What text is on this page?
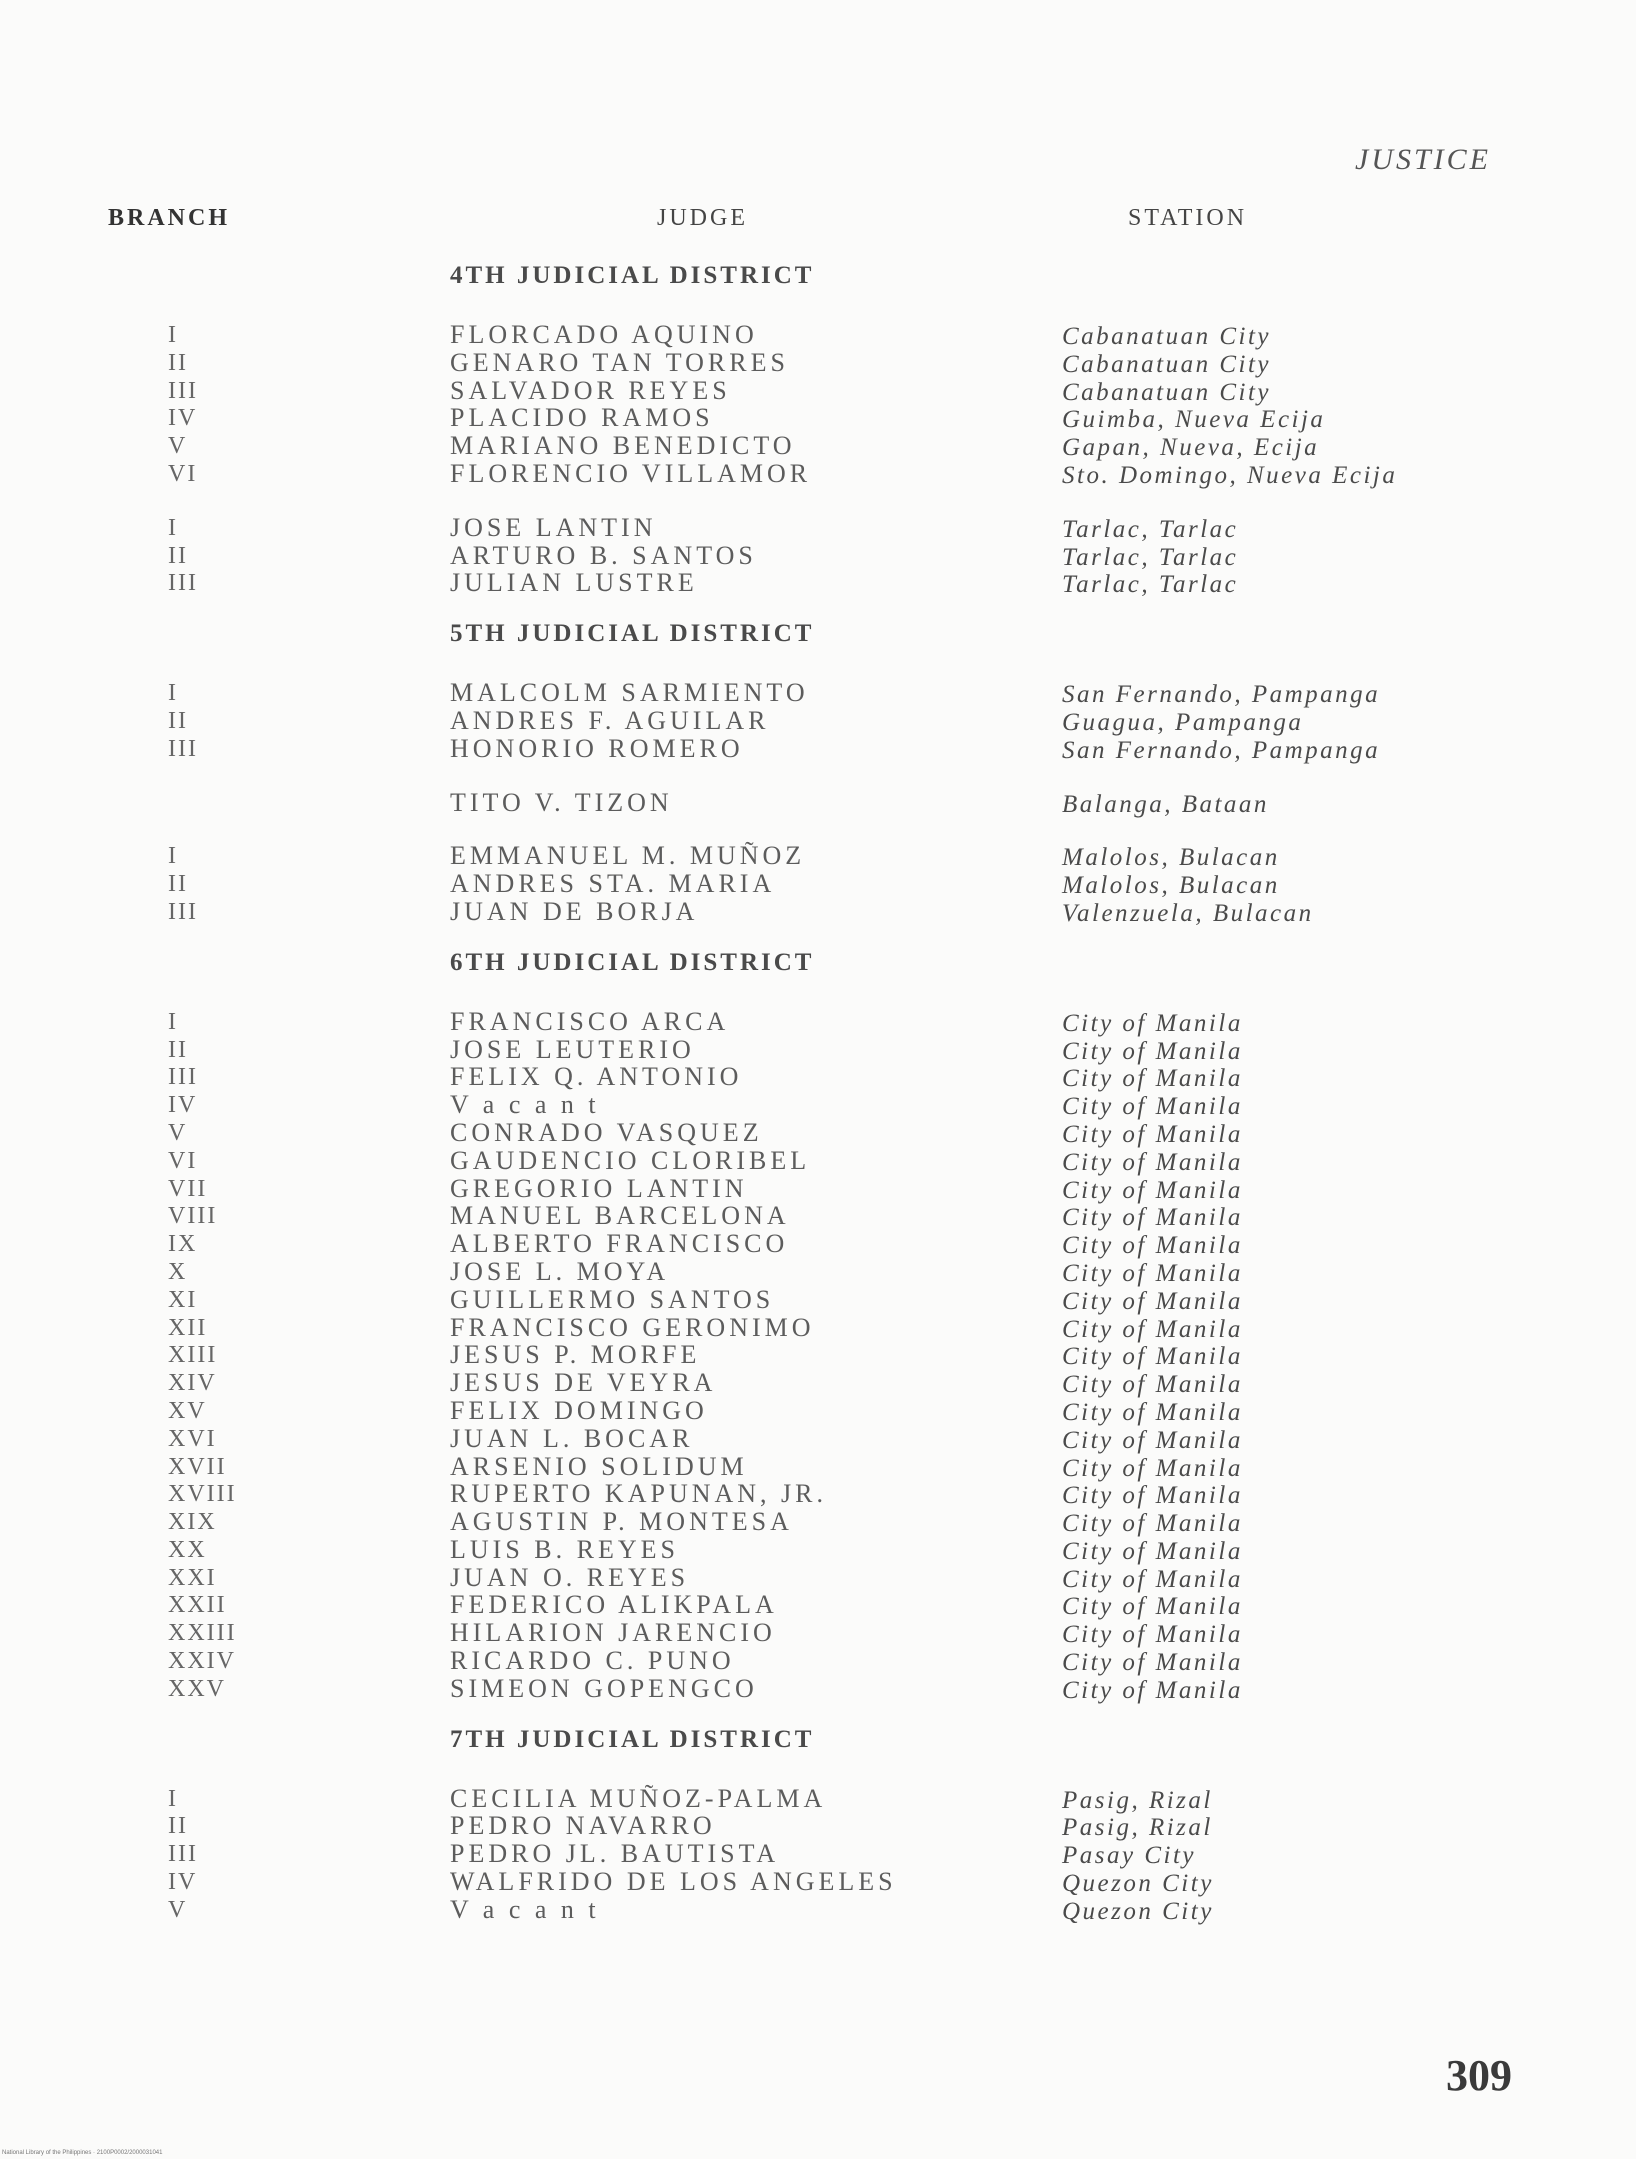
JUSTICE
BRANCH	JUDGE	STATION
4TH JUDICIAL DISTRICT
I	FLORCADO AQUINO	Cabanatuan City
II	GENARO TAN TORRES	Cabanatuan City
III	SALVADOR REYES	Cabanatuan City
IV	PLACIDO RAMOS	Guimba, Nueva Ecija
V	MARIANO BENEDICTO	Gapan, Nueva, Ecija
VI	FLORENCIO VILLAMOR	Sto. Domingo, Nueva Ecija
I	JOSE LANTIN	Tarlac, Tarlac
II	ARTURO B. SANTOS	Tarlac, Tarlac
III	JULIAN LUSTRE	Tarlac, Tarlac
5TH JUDICIAL DISTRICT
I	MALCOLM SARMIENTO	San Fernando, Pampanga
II	ANDRES F. AGUILAR	Guagua, Pampanga
III	HONORIO ROMERO	San Fernando, Pampanga
TITO V. TIZON	Balanga, Bataan
I	EMMANUEL M. MUÑOZ	Malolos, Bulacan
II	ANDRES STA. MARIA	Malolos, Bulacan
III	JUAN DE BORJA	Valenzuela, Bulacan
6TH JUDICIAL DISTRICT
I	FRANCISCO ARCA	City of Manila
II	JOSE LEUTERIO	City of Manila
III	FELIX Q. ANTONIO	City of Manila
IV	V a c a n t	City of Manila
V	CONRADO VASQUEZ	City of Manila
VI	GAUDENCIO CLORIBEL	City of Manila
VII	GREGORIO LANTIN	City of Manila
VIII	MANUEL BARCELONA	City of Manila
IX	ALBERTO FRANCISCO	City of Manila
X	JOSE L. MOYA	City of Manila
XI	GUILLERMO SANTOS	City of Manila
XII	FRANCISCO GERONIMO	City of Manila
XIII	JESUS P. MORFE	City of Manila
XIV	JESUS DE VEYRA	City of Manila
XV	FELIX DOMINGO	City of Manila
XVI	JUAN L. BOCAR	City of Manila
XVII	ARSENIO SOLIDUM	City of Manila
XVIII	RUPERTO KAPUNAN, JR.	City of Manila
XIX	AGUSTIN P. MONTESA	City of Manila
XX	LUIS B. REYES	City of Manila
XXI	JUAN O. REYES	City of Manila
XXII	FEDERICO ALIKPALA	City of Manila
XXIII	HILARION JARENCIO	City of Manila
XXIV	RICARDO C. PUNO	City of Manila
XXV	SIMEON GOPENGCO	City of Manila
7TH JUDICIAL DISTRICT
I	CECILIA MUÑOZ-PALMA	Pasig, Rizal
II	PEDRO NAVARRO	Pasig, Rizal
III	PEDRO JL. BAUTISTA	Pasay City
IV	WALFRIDO DE LOS ANGELES	Quezon City
V	V a c a n t	Quezon City
309
National Library of the Philippines · 2100P0002/2000031041
